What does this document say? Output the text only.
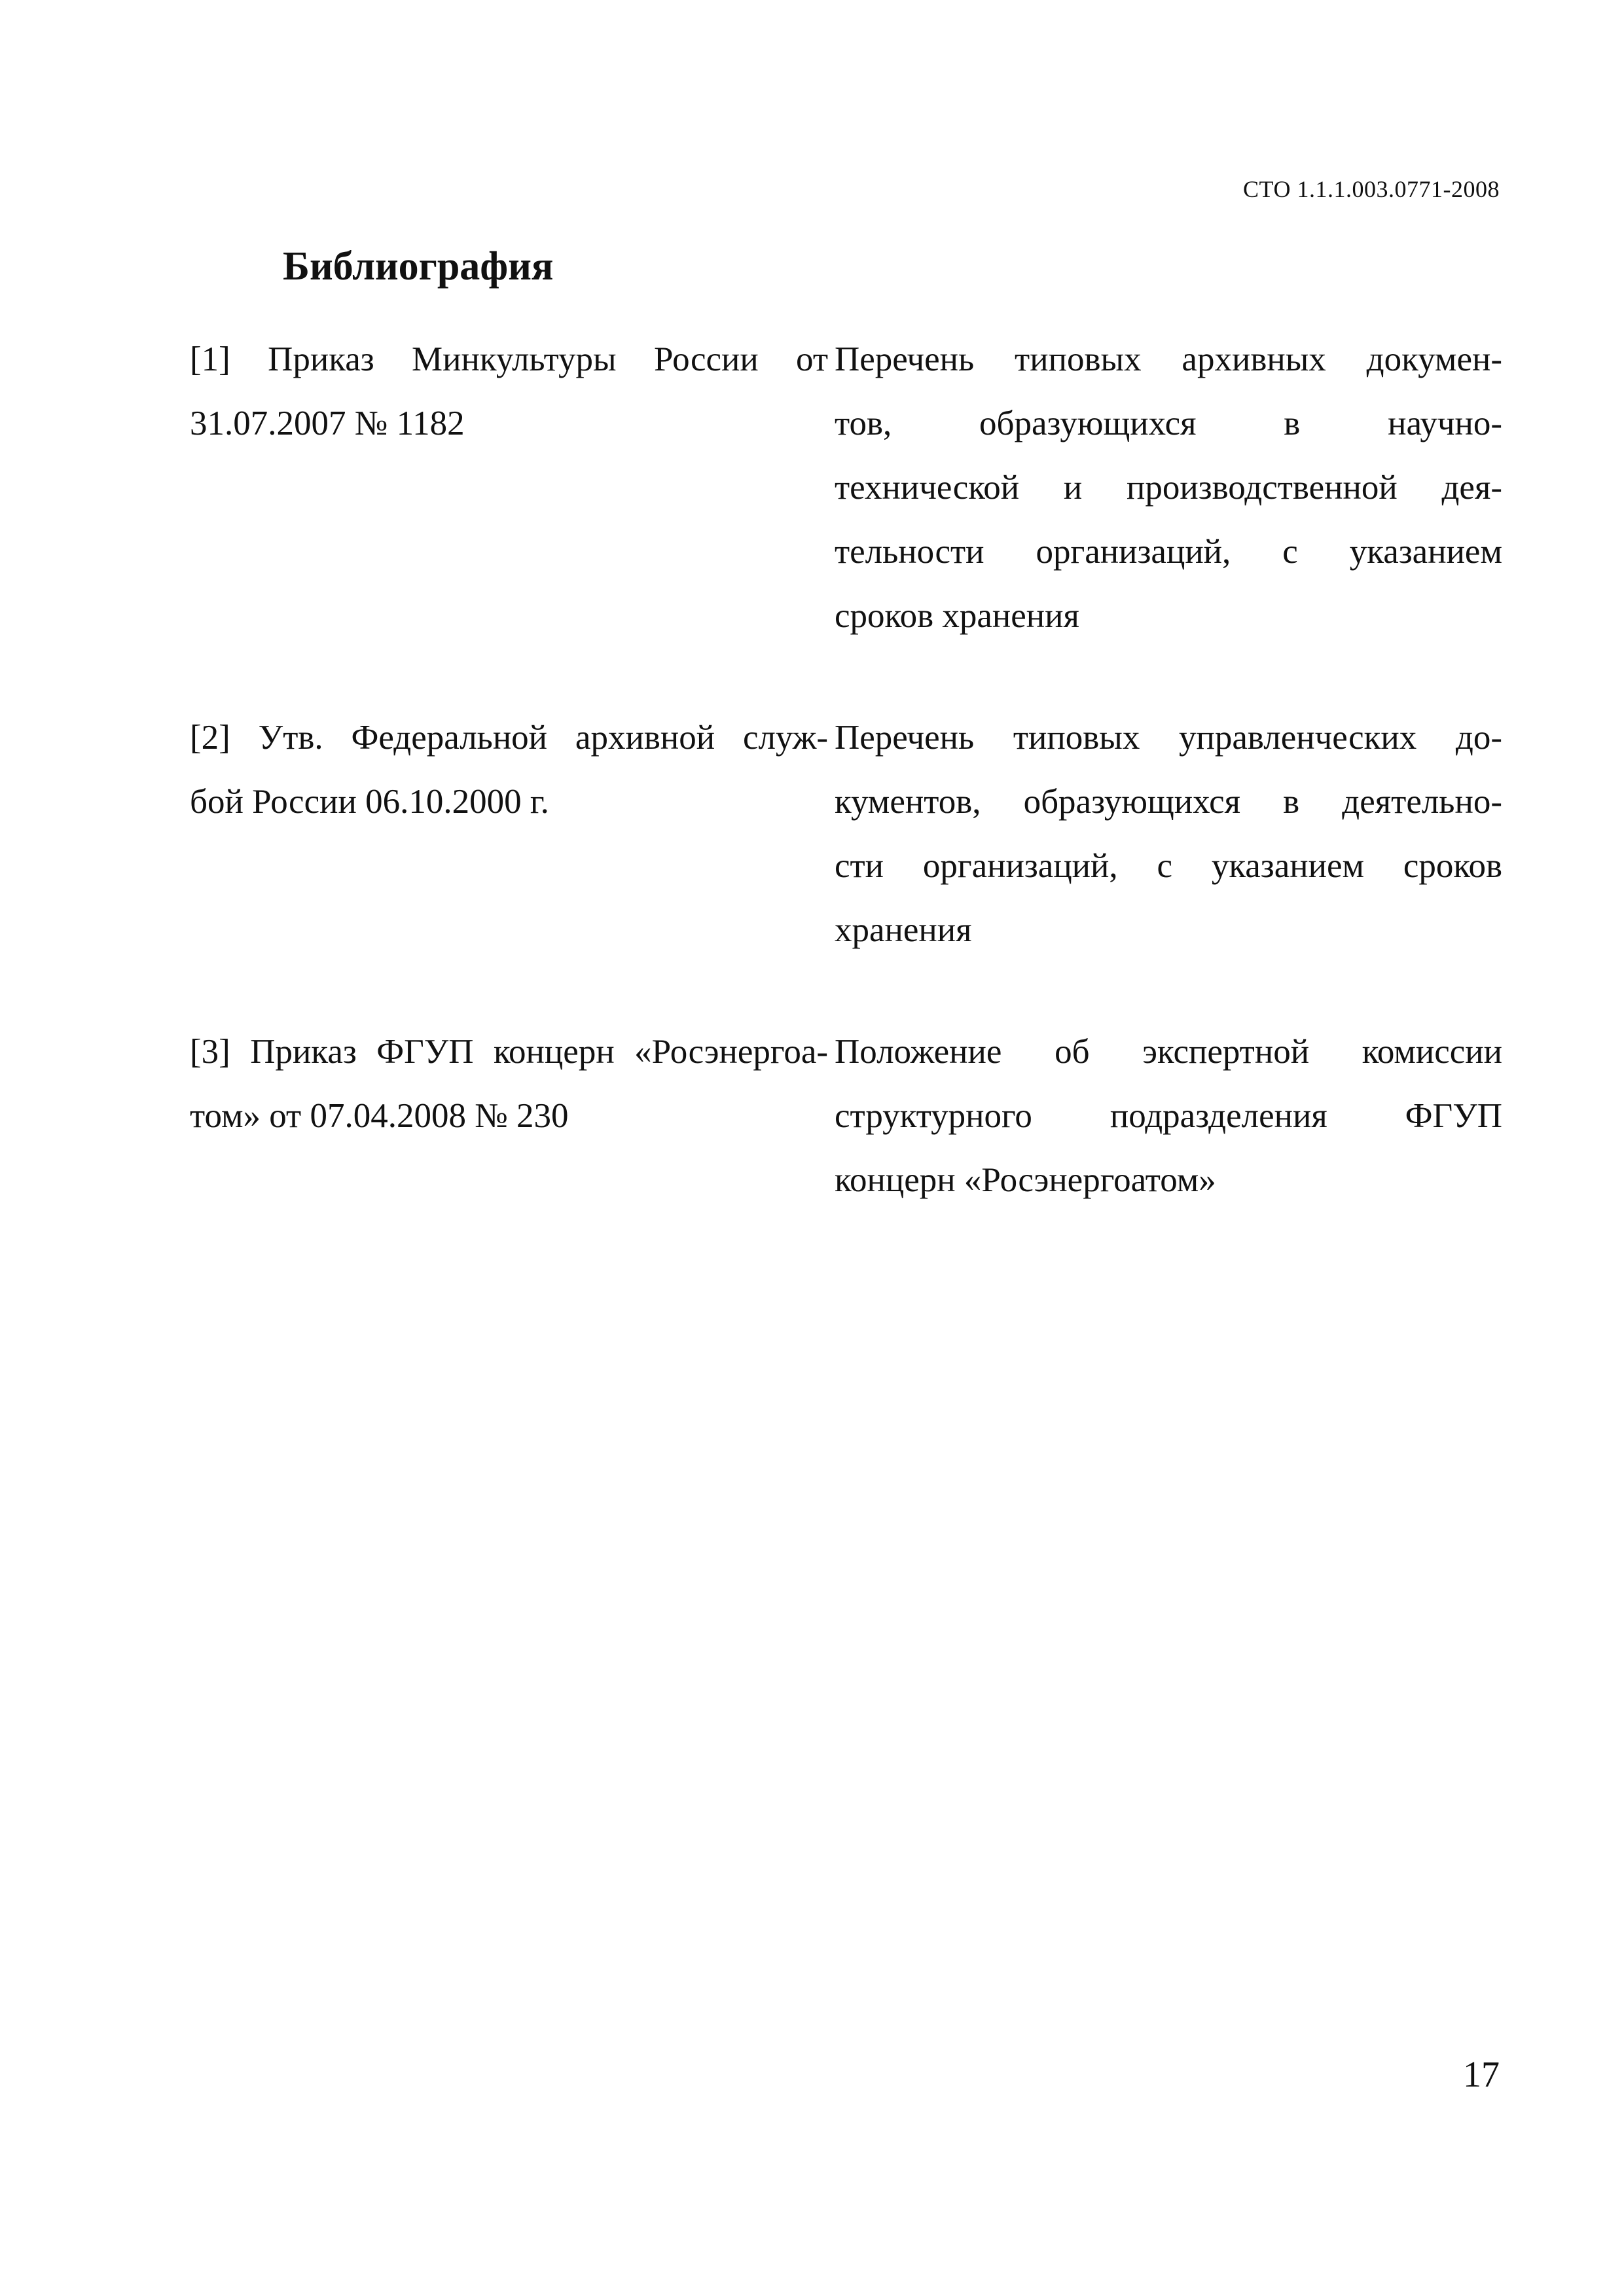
СТО 1.1.1.003.0771-2008
Библиография
[1] Приказ Минкультуры России от
31.07.2007 № 1182
Перечень типовых архивных докумен-
тов, образующихся в научно-
технической и производственной дея-
тельности организаций, с указанием
сроков хранения
[2] Утв. Федеральной архивной служ-
бой России 06.10.2000 г.
Перечень типовых управленческих до-
кументов, образующихся в деятельно-
сти организаций, с указанием сроков
хранения
[3] Приказ ФГУП концерн «Росэнергоа-
том» от 07.04.2008 № 230
Положение об экспертной комиссии
структурного подразделения ФГУП
концерн «Росэнергоатом»
17
